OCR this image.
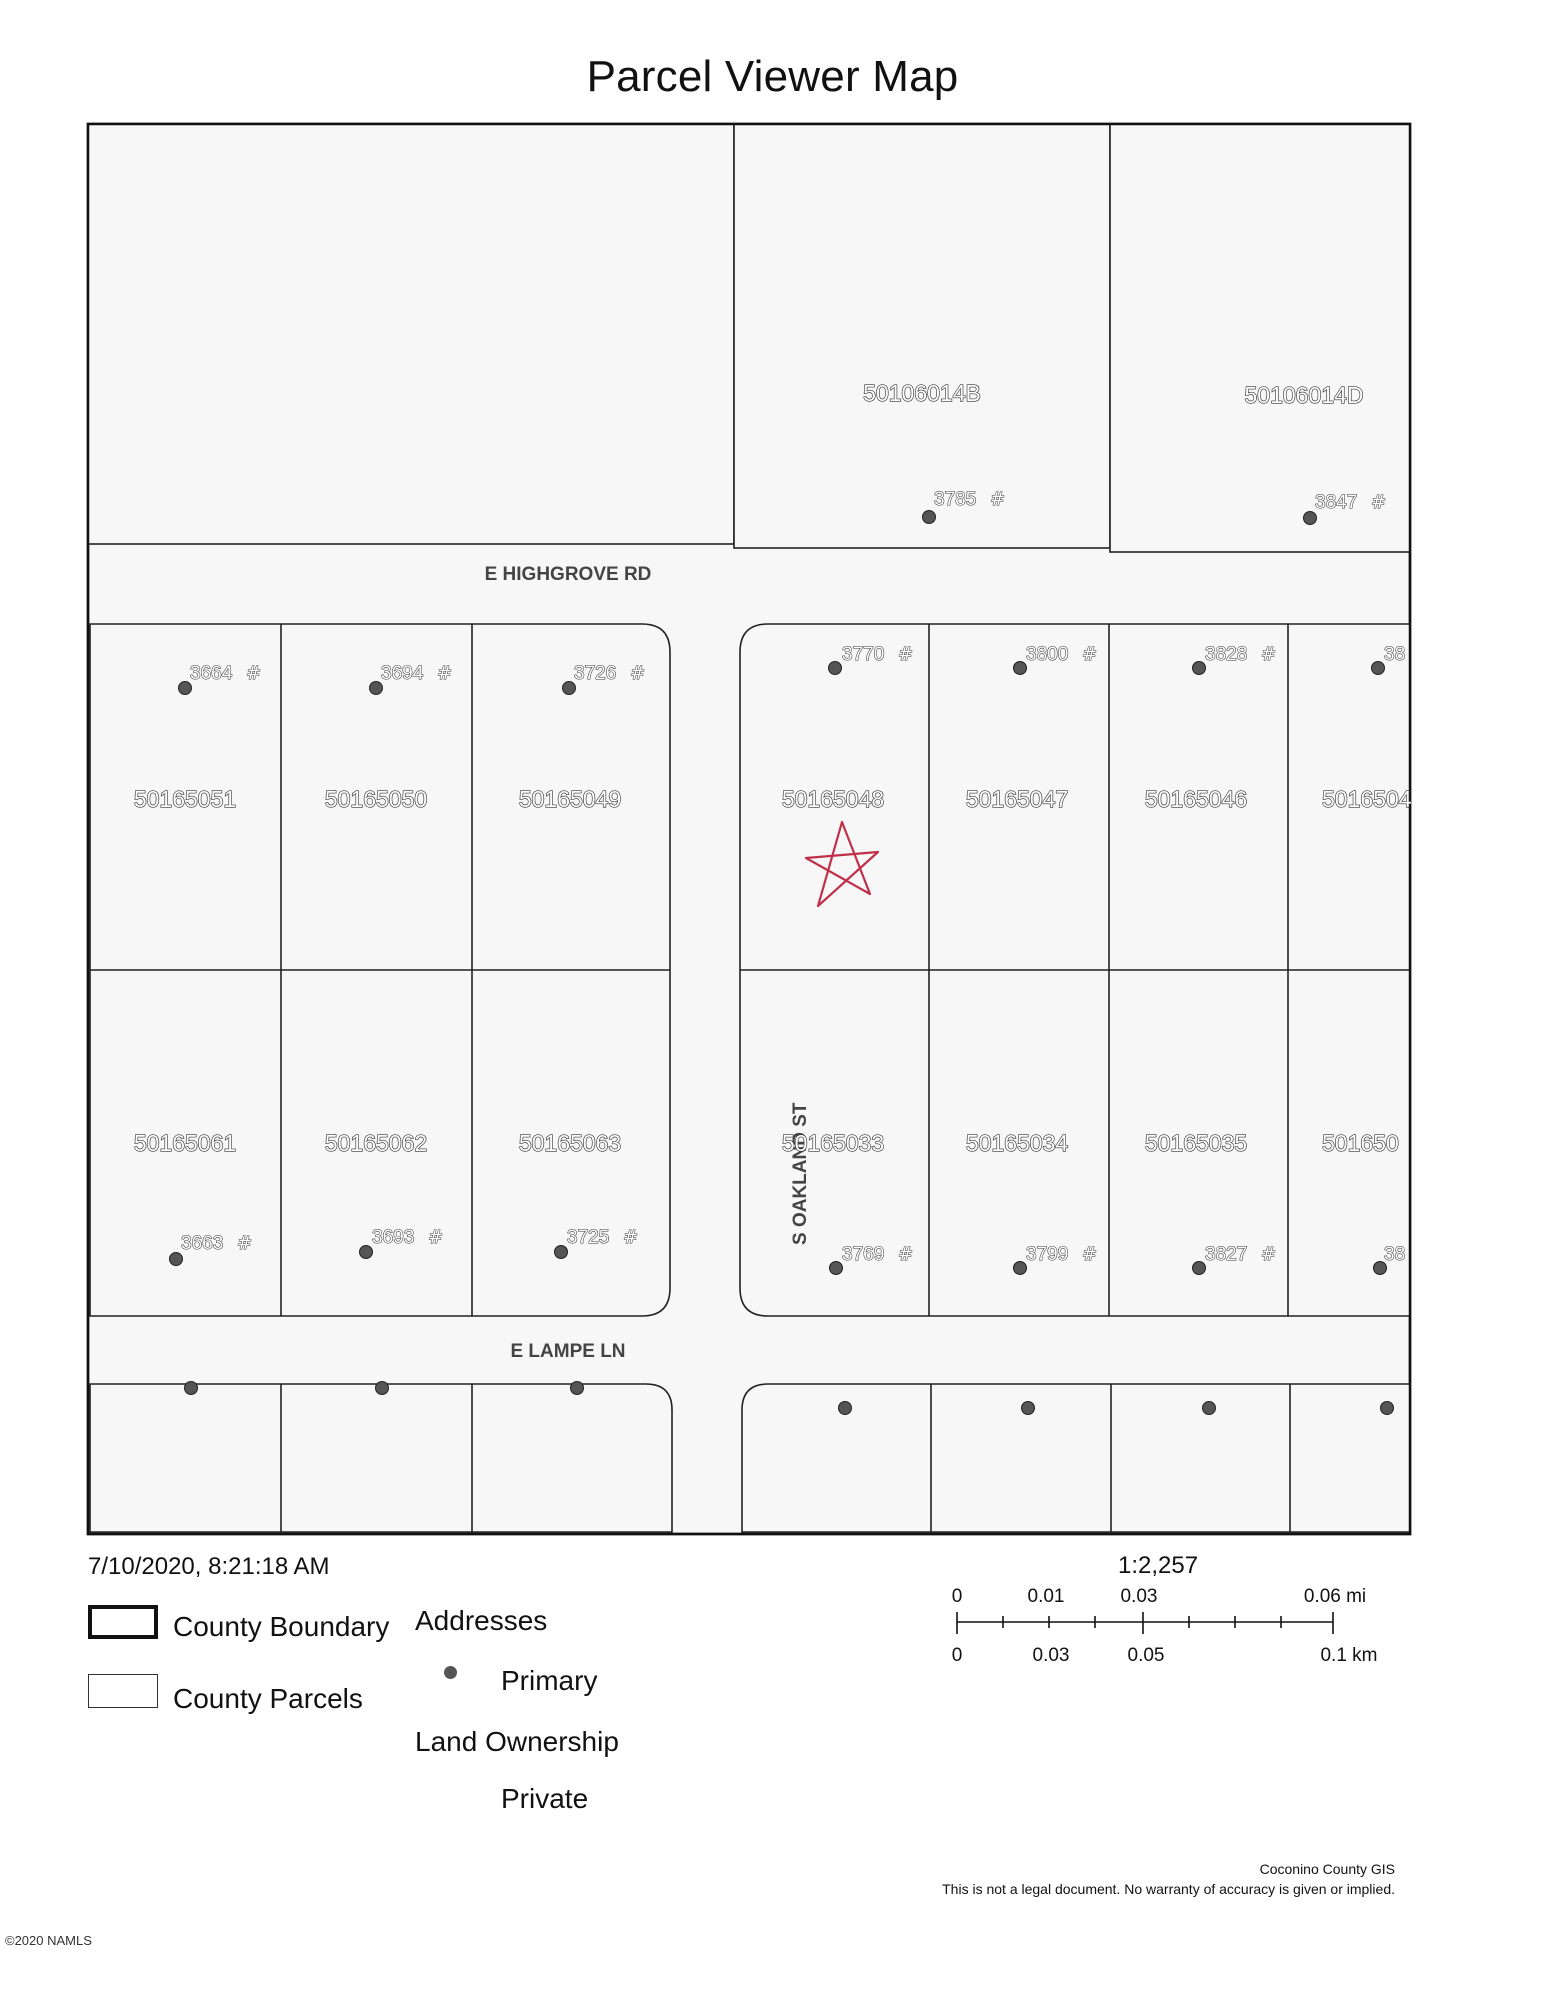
Parcel Viewer Map
E HIGHGROVE RD
E LAMPE LN
S OAKLAND ST
50106014B	50106014D
50165051	50165050	50165049	50165048	50165047	50165046	5016504
50165061	50165062	50165063	50165033	50165034	50165035	501650
3785	3847
3664	3694	3726
3770	3800	3828	38
3663	3693	3725
3769	3799	3827	38
#	#
#	#	#
#	#	#
#	#	#
#	#	#
7/10/2020, 8:21:18 AM
County Boundary
County Parcels
Addresses
Primary
Land Ownership
Private
1:2,257
0	0.01	0.03	0.06 mi
0	0.03	0.05	0.1 km
Coconino County GIS
This is not a legal document. No warranty of accuracy is given or implied.
©2020 NAMLS
